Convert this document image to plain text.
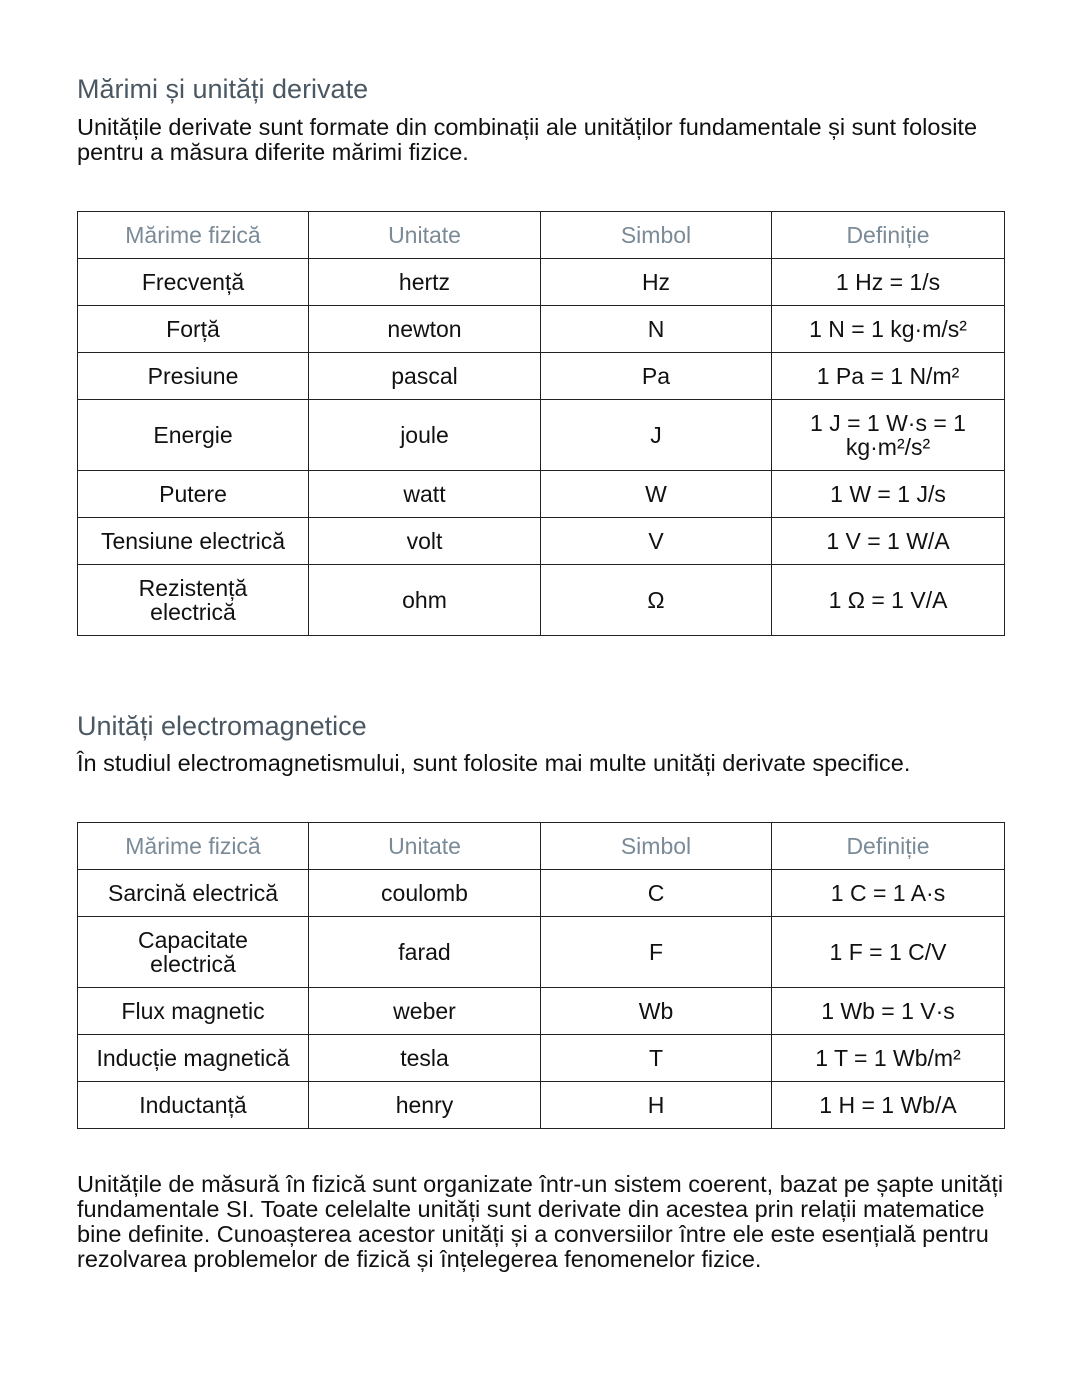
Mărimi și unități derivate

Unitățile derivate sunt formate din combinații ale unităților fundamentale și sunt folosite pentru a măsura diferite mărimi fizice.

Mărime fizică	Unitate	Simbol	Definiție
Frecvență	hertz	Hz	1 Hz = 1/s
Forță	newton	N	1 N = 1 kg·m/s²
Presiune	pascal	Pa	1 Pa = 1 N/m²
Energie	joule	J	1 J = 1 W·s = 1 kg·m²/s²
Putere	watt	W	1 W = 1 J/s
Tensiune electrică	volt	V	1 V = 1 W/A
Rezistență electrică	ohm	Ω	1 Ω = 1 V/A
Unități electromagnetice

În studiul electromagnetismului, sunt folosite mai multe unități derivate specifice.

Mărime fizică	Unitate	Simbol	Definiție
Sarcină electrică	coulomb	C	1 C = 1 A·s
Capacitate electrică	farad	F	1 F = 1 C/V
Flux magnetic	weber	Wb	1 Wb = 1 V·s
Inducție magnetică	tesla	T	1 T = 1 Wb/m²
Inductanță	henry	H	1 H = 1 Wb/A

Unitățile de măsură în fizică sunt organizate într-un sistem coerent, bazat pe șapte unități fundamentale SI. Toate celelalte unități sunt derivate din acestea prin relații matematice bine definite. Cunoașterea acestor unități și a conversiilor între ele este esențială pentru rezolvarea problemelor de fizică și înțelegerea fenomenelor fizice.
